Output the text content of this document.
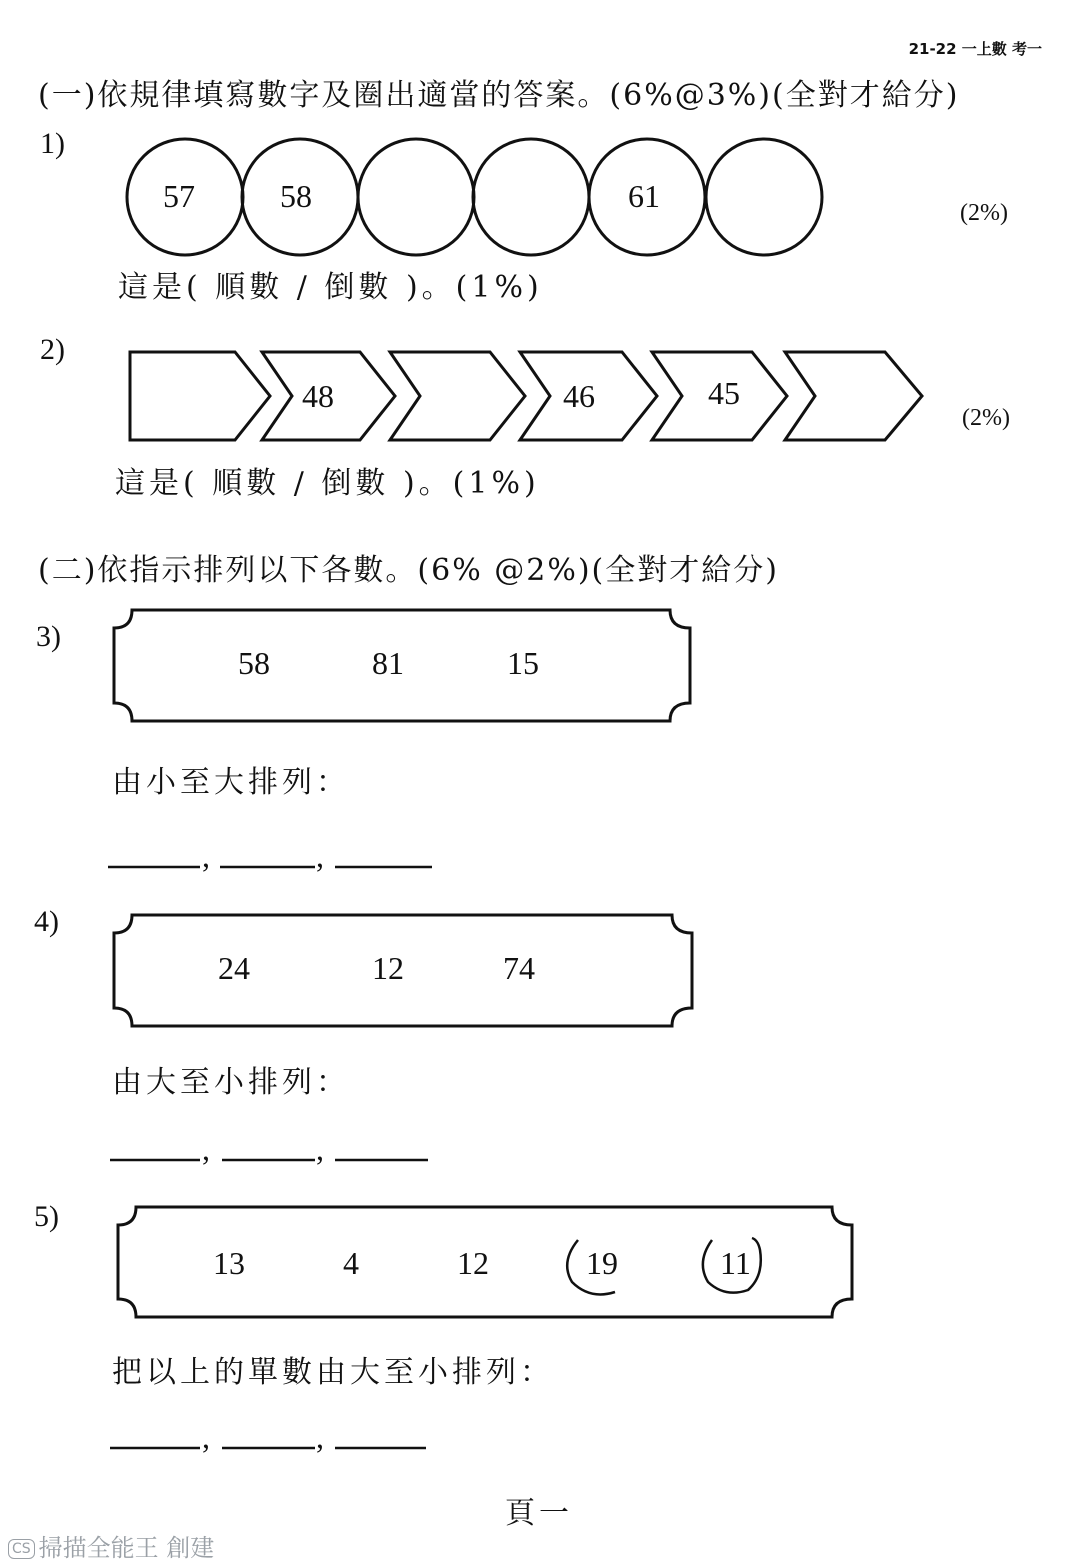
21-22 一上數 考一
(一)依規律填寫數字及圈出適當的答案。(6%@3%)(全對才給分)
1)
57	58	61	(2%)
這是( 順數 / 倒數 )。(1%)
2)
48	46	45
(2%)
這是( 順數 / 倒數 )。(1%)
(二)依指示排列以下各數。(6% @2%)(全對才給分)
3)
58	81	15
由小至大排列：
,	,
4)
24	12	74
由大至小排列：
,	,
5)
13	4	12	19	11
把以上的單數由大至小排列：
,	,
頁一
CS 掃描全能王 創建
